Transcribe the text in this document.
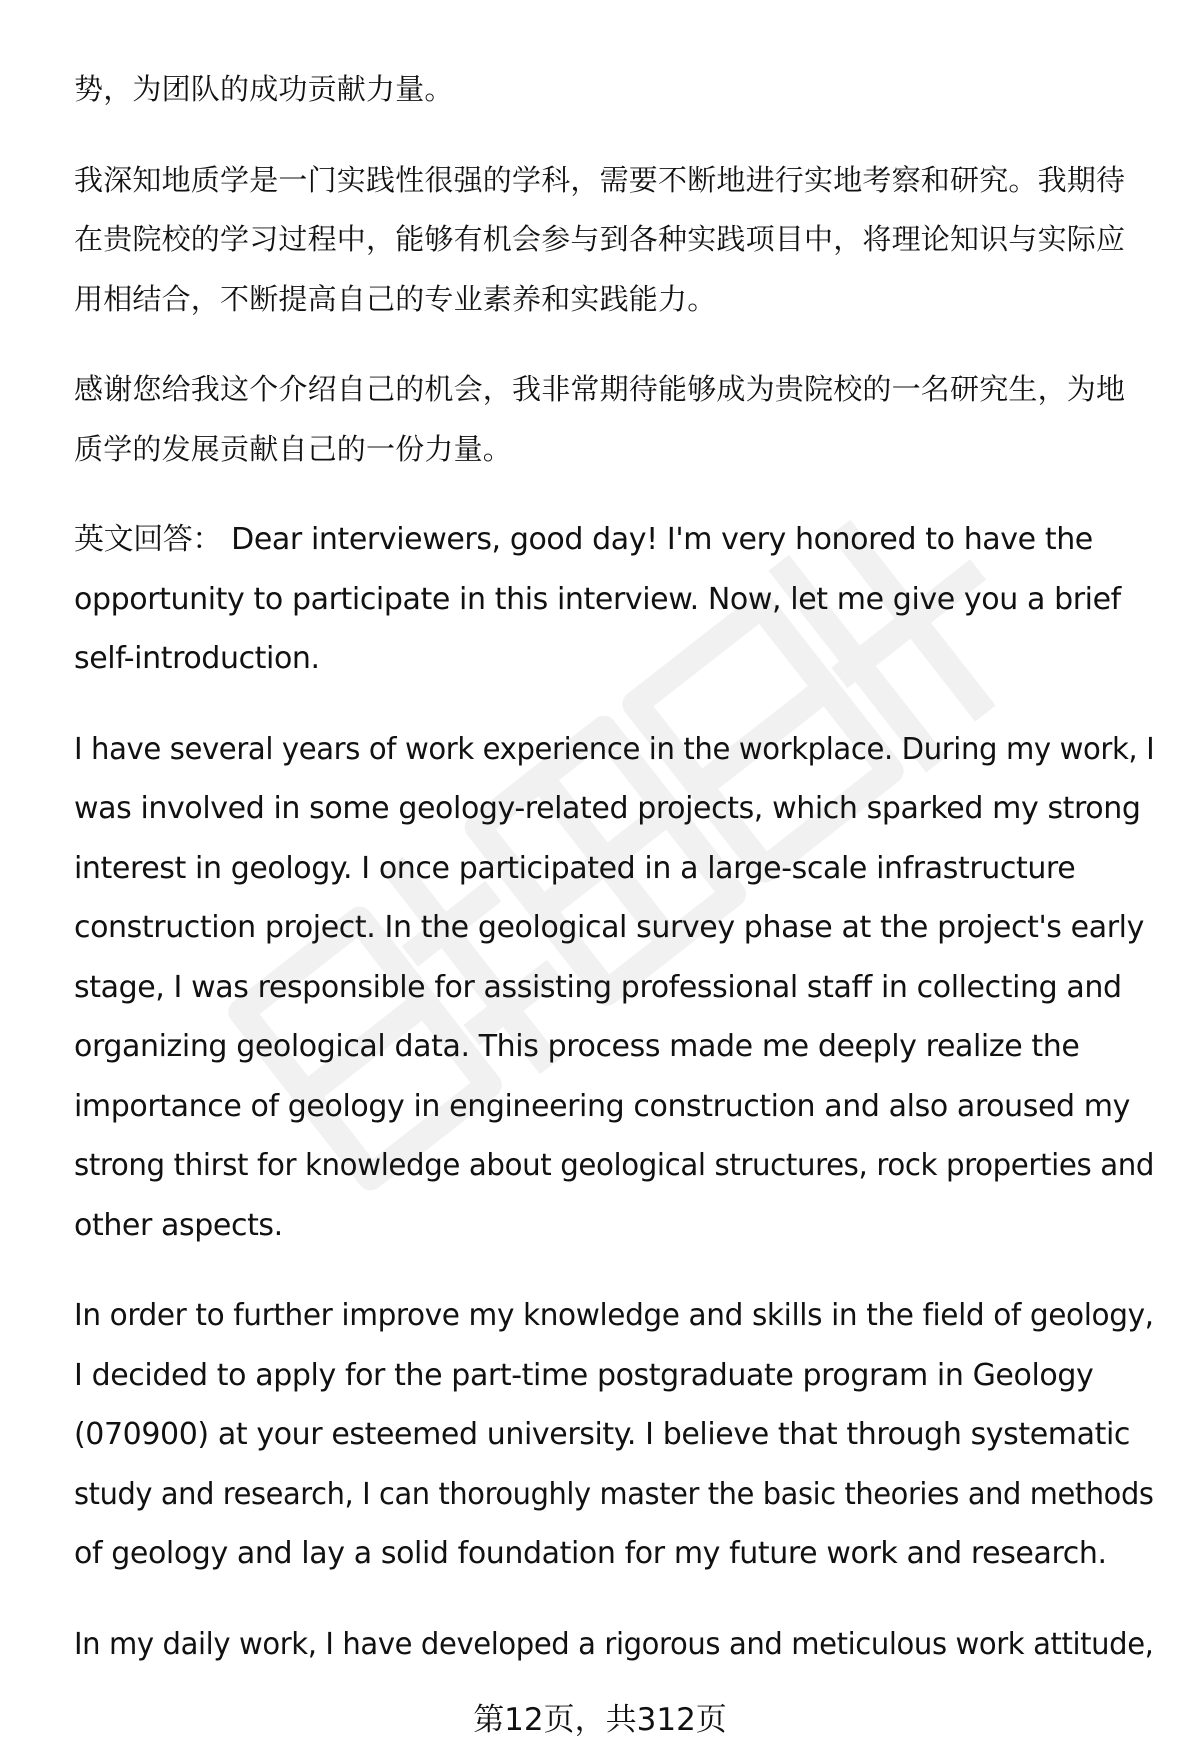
势，为团队的成功贡献力量。

我深知地质学是一门实践性很强的学科，需要不断地进行实地考察和研究。我期待
在贵院校的学习过程中，能够有机会参与到各种实践项目中，将理论知识与实际应
用相结合，不断提高自己的专业素养和实践能力。

感谢您给我这个介绍自己的机会，我非常期待能够成为贵院校的一名研究生，为地
质学的发展贡献自己的一份力量。

英文回答： Dear interviewers, good day! I'm very honored to have the
opportunity to participate in this interview. Now, let me give you a brief
self-introduction.

I have several years of work experience in the workplace. During my work, I
was involved in some geology-related projects, which sparked my strong
interest in geology. I once participated in a large-scale infrastructure
construction project. In the geological survey phase at the project's early
stage, I was responsible for assisting professional staff in collecting and
organizing geological data. This process made me deeply realize the
importance of geology in engineering construction and also aroused my
strong thirst for knowledge about geological structures, rock properties and
other aspects.

In order to further improve my knowledge and skills in the field of geology,
I decided to apply for the part-time postgraduate program in Geology
(070900) at your esteemed university. I believe that through systematic
study and research, I can thoroughly master the basic theories and methods
of geology and lay a solid foundation for my future work and research.

In my daily work, I have developed a rigorous and meticulous work attitude,

第12页，共312页
